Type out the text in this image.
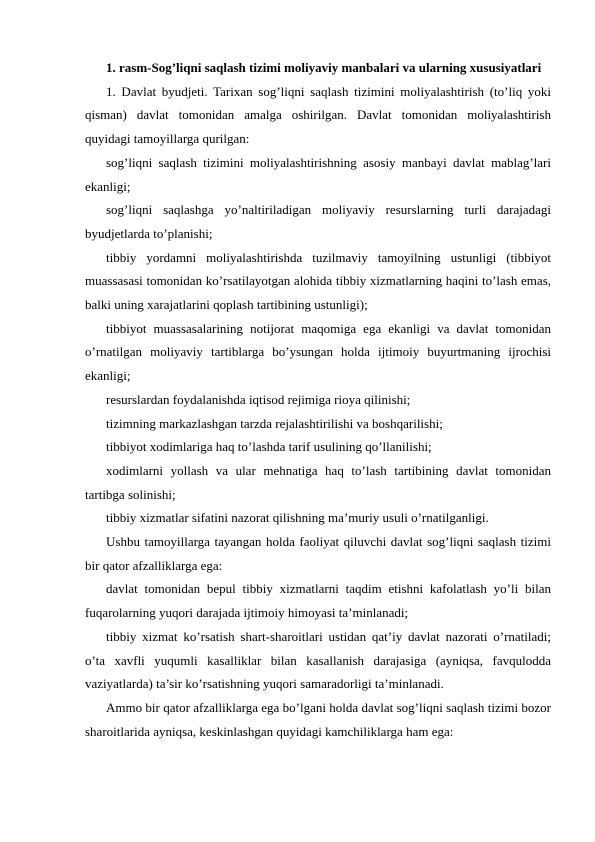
1. rasm-Sog’liqni saqlash tizimi moliyaviy manbalari va ularning xususiyatlari

1. Davlat byudjeti. Tarixan sog’liqni saqlash tizimini moliyalashtirish (to’liq yoki qisman) davlat tomonidan amalga oshirilgan. Davlat tomonidan moliyalashtirish quyidagi tamoyillarga qurilgan:

sog’liqni saqlash tizimini moliyalashtirishning asosiy manbayi davlat mablag’lari ekanligi;

sog’liqni saqlashga yo’naltiriladigan moliyaviy resurslarning turli darajadagi byudjetlarda to’planishi;

tibbiy yordamni moliyalashtirishda tuzilmaviy tamoyilning ustunligi (tibbiyot muassasasi tomonidan ko’rsatilayotgan alohida tibbiy xizmatlarning haqini to’lash emas, balki uning xarajatlarini qoplash tartibining ustunligi);

tibbiyot muassasalarining notijorat maqomiga ega ekanligi va davlat tomonidan o’rnatilgan moliyaviy tartiblarga bo’ysungan holda ijtimoiy buyurtmaning ijrochisi ekanligi;

resurslardan foydalanishda iqtisod rejimiga rioya qilinishi;

tizimning markazlashgan tarzda rejalashtirilishi va boshqarilishi;

tibbiyot xodimlariga haq to’lashda tarif usulining qo’llanilishi;

xodimlarni yollash va ular mehnatiga haq to’lash tartibining davlat tomonidan tartibga solinishi;

tibbiy xizmatlar sifatini nazorat qilishning ma’muriy usuli o’rnatilganligi.

Ushbu tamoyillarga tayangan holda faoliyat qiluvchi davlat sog’liqni saqlash tizimi bir qator afzalliklarga ega:

davlat tomonidan bepul tibbiy xizmatlarni taqdim etishni kafolatlash yo’li bilan fuqarolarning yuqori darajada ijtimoiy himoyasi ta’minlanadi;

tibbiy xizmat ko’rsatish shart-sharoitlari ustidan qat’iy davlat nazorati o’rnatiladi; o’ta xavfli yuqumli kasalliklar bilan kasallanish darajasiga (ayniqsa, favqulodda vaziyatlarda) ta’sir ko’rsatishning yuqori samaradorligi ta’minlanadi.

Ammo bir qator afzalliklarga ega bo’lgani holda davlat sog’liqni saqlash tizimi bozor sharoitlarida ayniqsa, keskinlashgan quyidagi kamchiliklarga ham ega:
